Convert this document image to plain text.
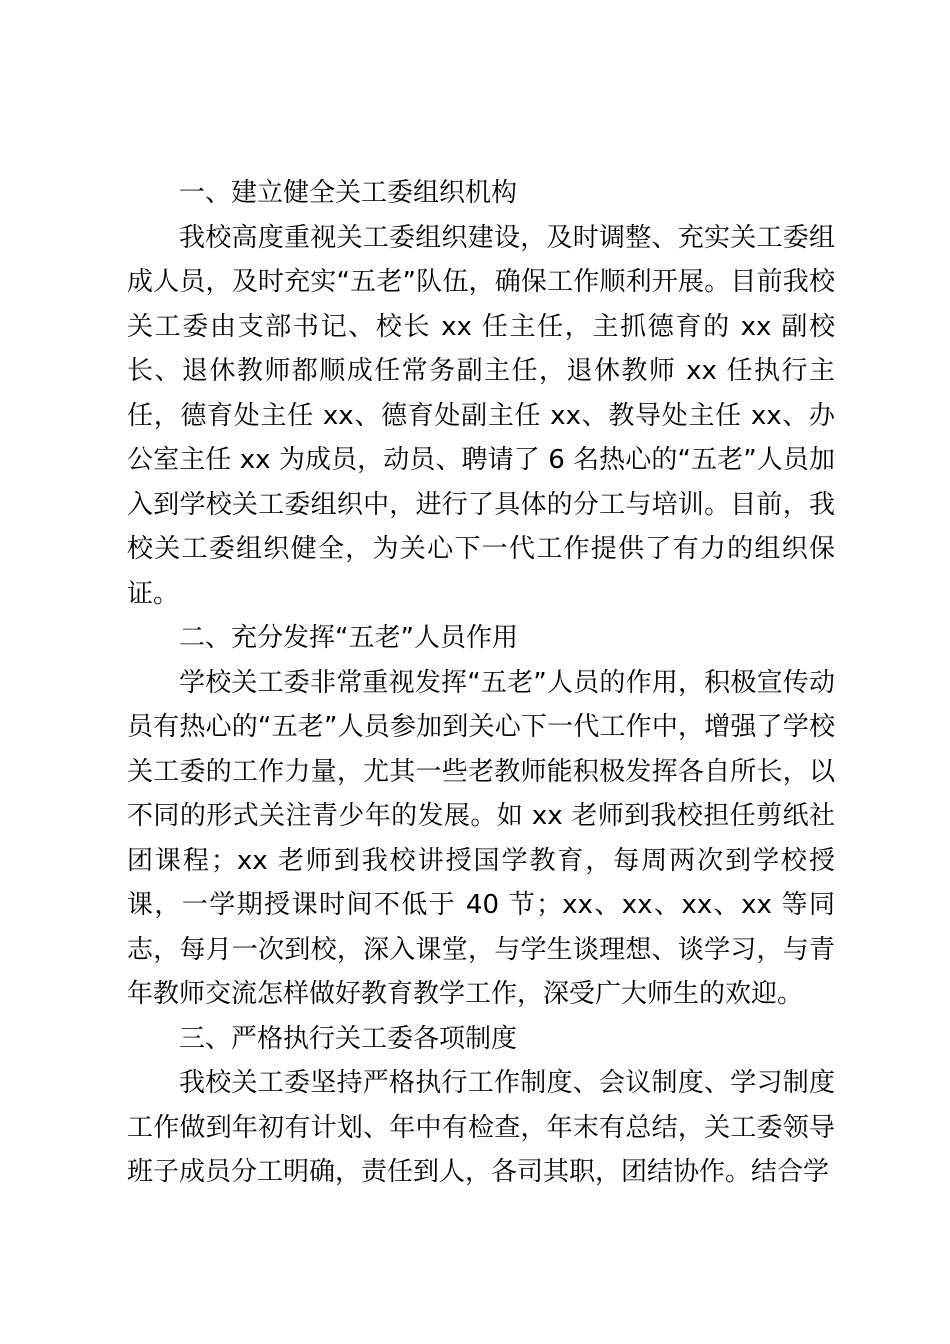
一、建立健全关工委组织机构

我校高度重视关工委组织建设，及时调整、充实关工委组成人员，及时充实“五老”队伍，确保工作顺利开展。目前我校关工委由支部书记、校长 xx 任主任，主抓德育的 xx 副校长、退休教师都顺成任常务副主任，退休教师 xx 任执行主任，德育处主任 xx、德育处副主任 xx、教导处主任 xx、办公室主任 xx 为成员，动员、聘请了 6 名热心的“五老”人员加入到学校关工委组织中，进行了具体的分工与培训。目前，我校关工委组织健全，为关心下一代工作提供了有力的组织保证。

二、充分发挥“五老”人员作用

学校关工委非常重视发挥“五老”人员的作用，积极宣传动员有热心的“五老”人员参加到关心下一代工作中，增强了学校关工委的工作力量，尤其一些老教师能积极发挥各自所长，以不同的形式关注青少年的发展。如 xx 老师到我校担任剪纸社团课程；xx 老师到我校讲授国学教育，每周两次到学校授课，一学期授课时间不低于 40 节；xx、xx、xx、xx 等同志，每月一次到校，深入课堂，与学生谈理想、谈学习，与青年教师交流怎样做好教育教学工作，深受广大师生的欢迎。

三、严格执行关工委各项制度

我校关工委坚持严格执行工作制度、会议制度、学习制度工作做到年初有计划、年中有检查，年末有总结，关工委领导班子成员分工明确，责任到人，各司其职，团结协作。结合学
